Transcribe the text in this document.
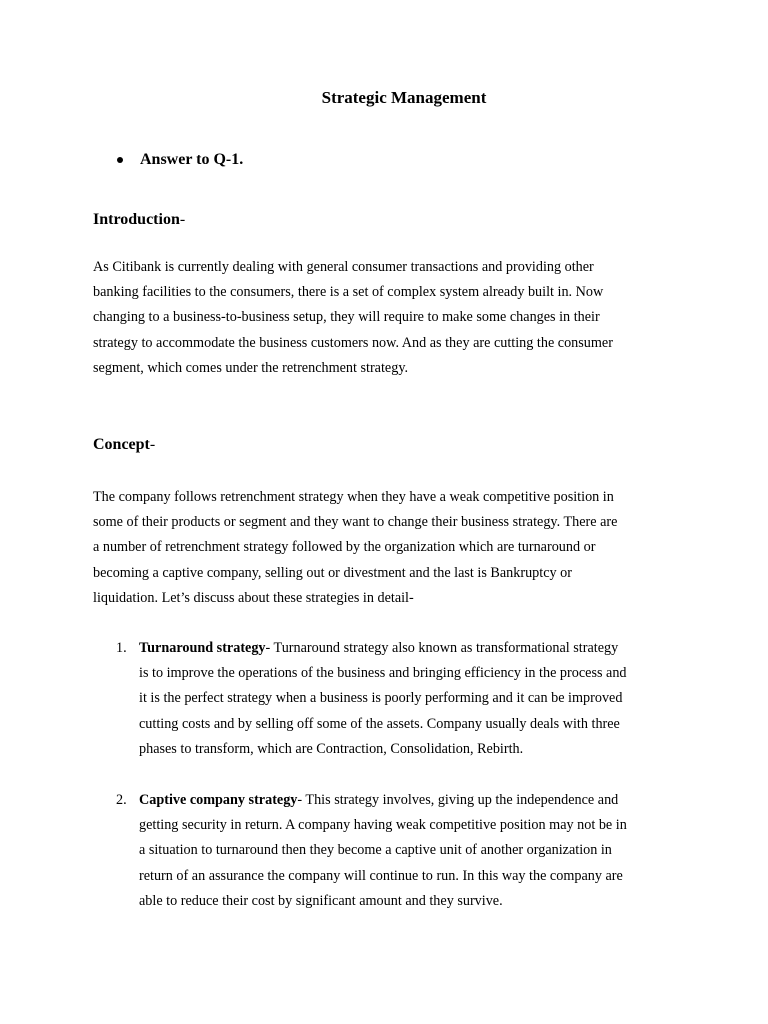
Strategic Management
Answer to Q-1.
Introduction-

As Citibank is currently dealing with general consumer transactions and providing other
banking facilities to the consumers, there is a set of complex system already built in. Now
changing to a business-to-business setup, they will require to make some changes in their
strategy to accommodate the business customers now. And as they are cutting the consumer
segment, which comes under the retrenchment strategy.

Concept-

The company follows retrenchment strategy when they have a weak competitive position in
some of their products or segment and they want to change their business strategy. There are
a number of retrenchment strategy followed by the organization which are turnaround or
becoming a captive company, selling out or divestment and the last is Bankruptcy or
liquidation. Let’s discuss about these strategies in detail-

1. Turnaround strategy- Turnaround strategy also known as transformational strategy
is to improve the operations of the business and bringing efficiency in the process and
it is the perfect strategy when a business is poorly performing and it can be improved
cutting costs and by selling off some of the assets. Company usually deals with three
phases to transform, which are Contraction, Consolidation, Rebirth.
2. Captive company strategy- This strategy involves, giving up the independence and
getting security in return. A company having weak competitive position may not be in
a situation to turnaround then they become a captive unit of another organization in
return of an assurance the company will continue to run. In this way the company are
able to reduce their cost by significant amount and they survive.
